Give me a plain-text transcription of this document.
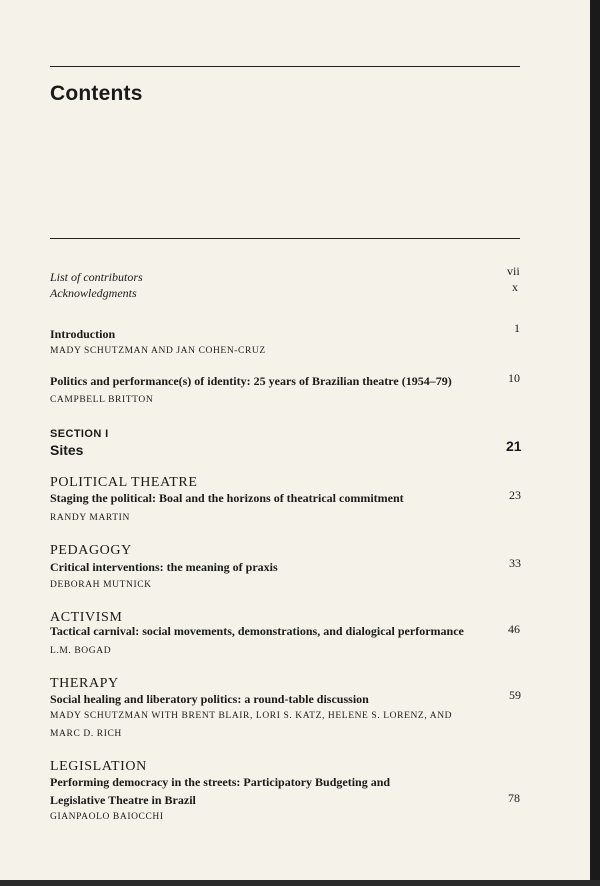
Contents
List of contributors	vii
Acknowledgments	x
Introduction	1
MADY SCHUTZMAN AND JAN COHEN-CRUZ
Politics and performance(s) of identity: 25 years of Brazilian theatre (1954–79)	10
CAMPBELL BRITTON
SECTION I
Sites	21
POLITICAL THEATRE
Staging the political: Boal and the horizons of theatrical commitment	23
RANDY MARTIN
PEDAGOGY
Critical interventions: the meaning of praxis	33
DEBORAH MUTNICK
ACTIVISM
Tactical carnival: social movements, demonstrations, and dialogical performance	46
L.M. BOGAD
THERAPY
Social healing and liberatory politics: a round-table discussion	59
MADY SCHUTZMAN WITH BRENT BLAIR, LORI S. KATZ, HELENE S. LORENZ, AND
MARC D. RICH
LEGISLATION
Performing democracy in the streets: Participatory Budgeting and
Legislative Theatre in Brazil	78
GIANPAOLO BAIOCCHI
